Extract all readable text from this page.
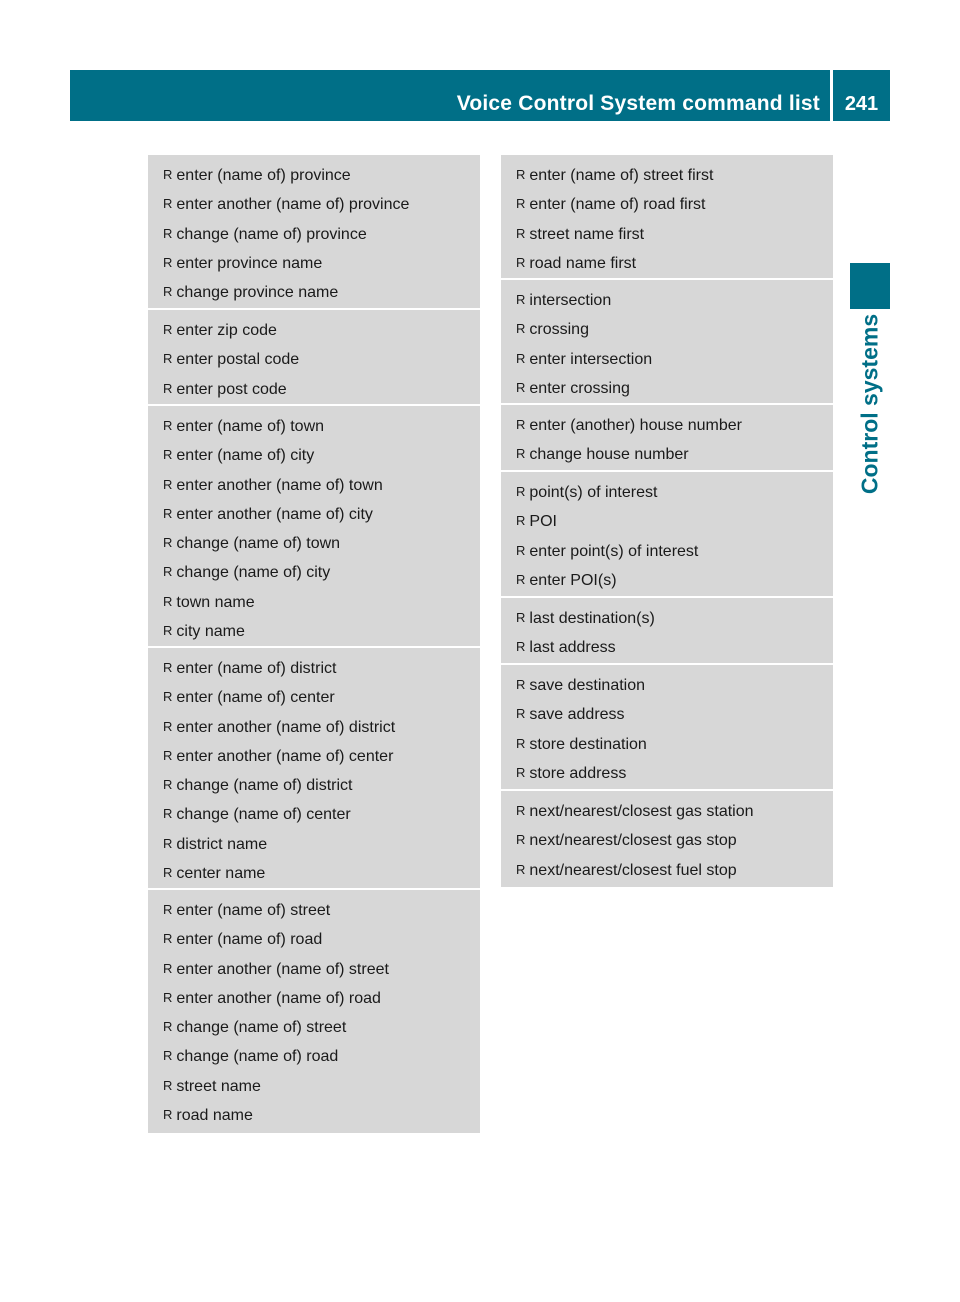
Voice Control System command list	241
Control systems
R enter (name of) province
R enter another (name of) province
R change (name of) province
R enter province name
R change province name
R enter zip code
R enter postal code
R enter post code
R enter (name of) town
R enter (name of) city
R enter another (name of) town
R enter another (name of) city
R change (name of) town
R change (name of) city
R town name
R city name
R enter (name of) district
R enter (name of) center
R enter another (name of) district
R enter another (name of) center
R change (name of) district
R change (name of) center
R district name
R center name
R enter (name of) street
R enter (name of) road
R enter another (name of) street
R enter another (name of) road
R change (name of) street
R change (name of) road
R street name
R road name
R enter (name of) street first
R enter (name of) road first
R street name first
R road name first
R intersection
R crossing
R enter intersection
R enter crossing
R enter (another) house number
R change house number
R point(s) of interest
R POI
R enter point(s) of interest
R enter POI(s)
R last destination(s)
R last address
R save destination
R save address
R store destination
R store address
R next/nearest/closest gas station
R next/nearest/closest gas stop
R next/nearest/closest fuel stop
